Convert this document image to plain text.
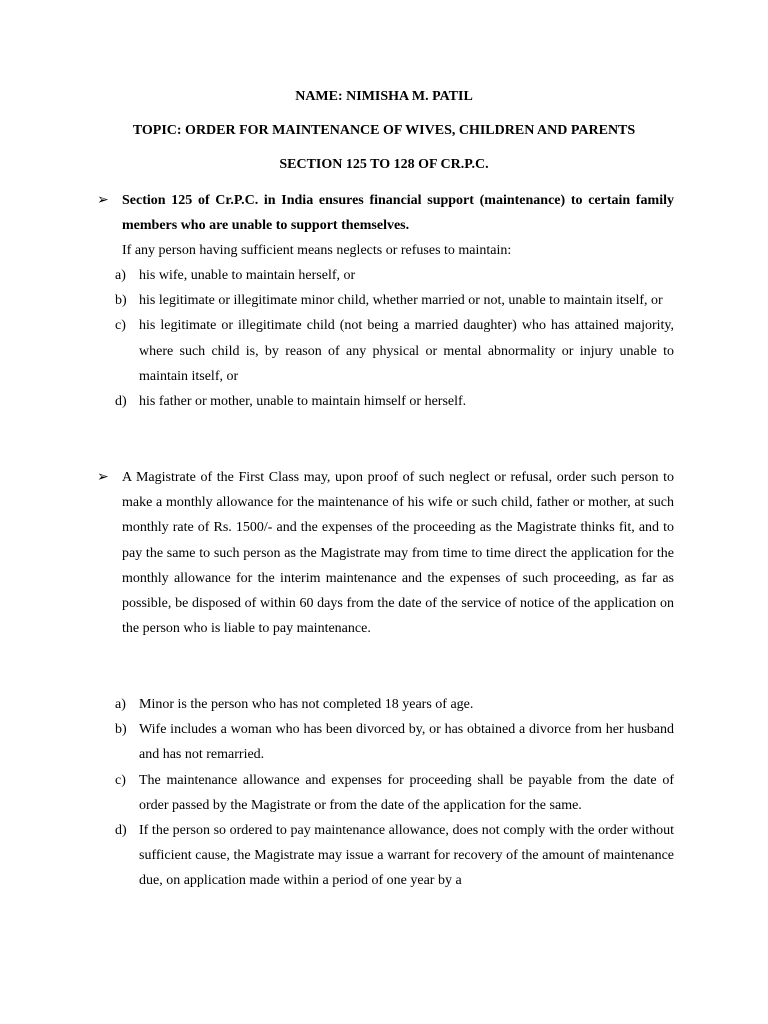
NAME: NIMISHA M. PATIL
TOPIC: ORDER FOR MAINTENANCE OF WIVES, CHILDREN AND PARENTS
SECTION 125 TO 128 OF CR.P.C.
➢ Section 125 of Cr.P.C. in India ensures financial support (maintenance) to certain family members who are unable to support themselves.
If any person having sufficient means neglects or refuses to maintain:
a) his wife, unable to maintain herself, or
b) his legitimate or illegitimate minor child, whether married or not, unable to maintain itself, or
c) his legitimate or illegitimate child (not being a married daughter) who has attained majority, where such child is, by reason of any physical or mental abnormality or injury unable to maintain itself, or
d) his father or mother, unable to maintain himself or herself.
➢ A Magistrate of the First Class may, upon proof of such neglect or refusal, order such person to make a monthly allowance for the maintenance of his wife or such child, father or mother, at such monthly rate of Rs. 1500/- and the expenses of the proceeding as the Magistrate thinks fit, and to pay the same to such person as the Magistrate may from time to time direct the application for the monthly allowance for the interim maintenance and the expenses of such proceeding, as far as possible, be disposed of within 60 days from the date of the service of notice of the application on the person who is liable to pay maintenance.
a) Minor is the person who has not completed 18 years of age.
b) Wife includes a woman who has been divorced by, or has obtained a divorce from her husband and has not remarried.
c) The maintenance allowance and expenses for proceeding shall be payable from the date of order passed by the Magistrate or from the date of the application for the same.
d) If the person so ordered to pay maintenance allowance, does not comply with the order without sufficient cause, the Magistrate may issue a warrant for recovery of the amount of maintenance due, on application made within a period of one year by a
